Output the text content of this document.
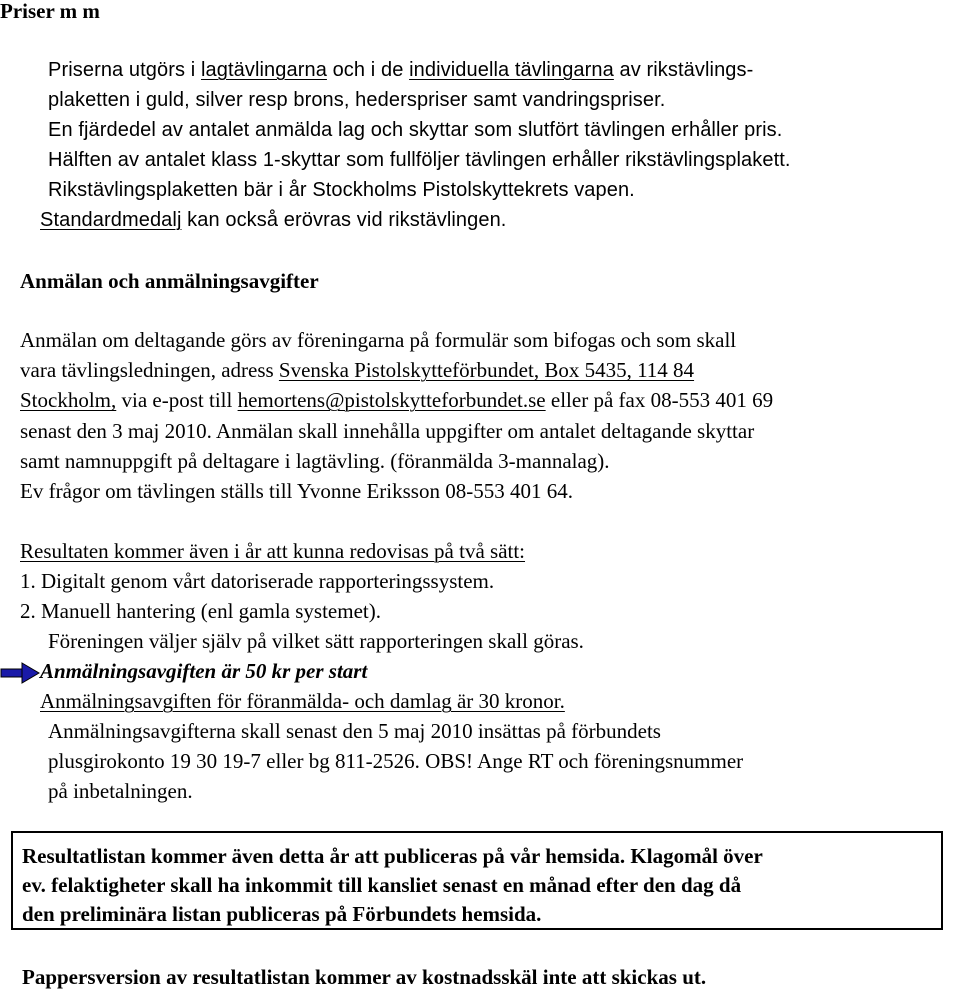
Priser m m
Priserna utgörs i lagtävlingarna och i de individuella tävlingarna av rikstävlings-
plaketten i guld, silver resp brons, hederspriser samt vandringspriser.
En fjärdedel av antalet anmälda lag och skyttar som slutfört tävlingen erhåller pris.
Hälften av antalet klass 1-skyttar som fullföljer tävlingen erhåller rikstävlingsplakett.
Rikstävlingsplaketten bär i år Stockholms Pistolskyttekrets vapen.
Standardmedalj kan också erövras vid rikstävlingen.
Anmälan och anmälningsavgifter
Anmälan om deltagande görs av föreningarna på formulär som bifogas och som skall
vara tävlingsledningen, adress Svenska Pistolskytteförbundet, Box 5435, 114 84
Stockholm, via e-post till hemortens@pistolskytteforbundet.se eller på fax 08-553 401 69
senast den 3 maj 2010. Anmälan skall innehålla uppgifter om antalet deltagande skyttar
samt namnuppgift på deltagare i lagtävling. (föranmälda 3-mannalag).
Ev frågor om tävlingen ställs till Yvonne Eriksson 08-553 401 64.
Resultaten kommer även i år att kunna redovisas på två sätt:
1. Digitalt genom vårt datoriserade rapporteringssystem.
2. Manuell hantering (enl gamla systemet).
Föreningen väljer själv på vilket sätt rapporteringen skall göras.
Anmälningsavgiften är 50 kr per start
Anmälningsavgiften för föranmälda- och damlag är 30 kronor.
Anmälningsavgifterna skall senast den 5 maj 2010 insättas på förbundets
plusgirokonto 19 30 19-7 eller bg 811-2526. OBS! Ange RT och föreningsnummer
på inbetalningen.
Resultatlistan kommer även detta år att publiceras på vår hemsida. Klagomål över
ev. felaktigheter skall ha inkommit till kansliet senast en månad efter den dag då
den preliminära listan publiceras på Förbundets hemsida.
Pappersversion av resultatlistan kommer av kostnadsskäl inte att skickas ut.
